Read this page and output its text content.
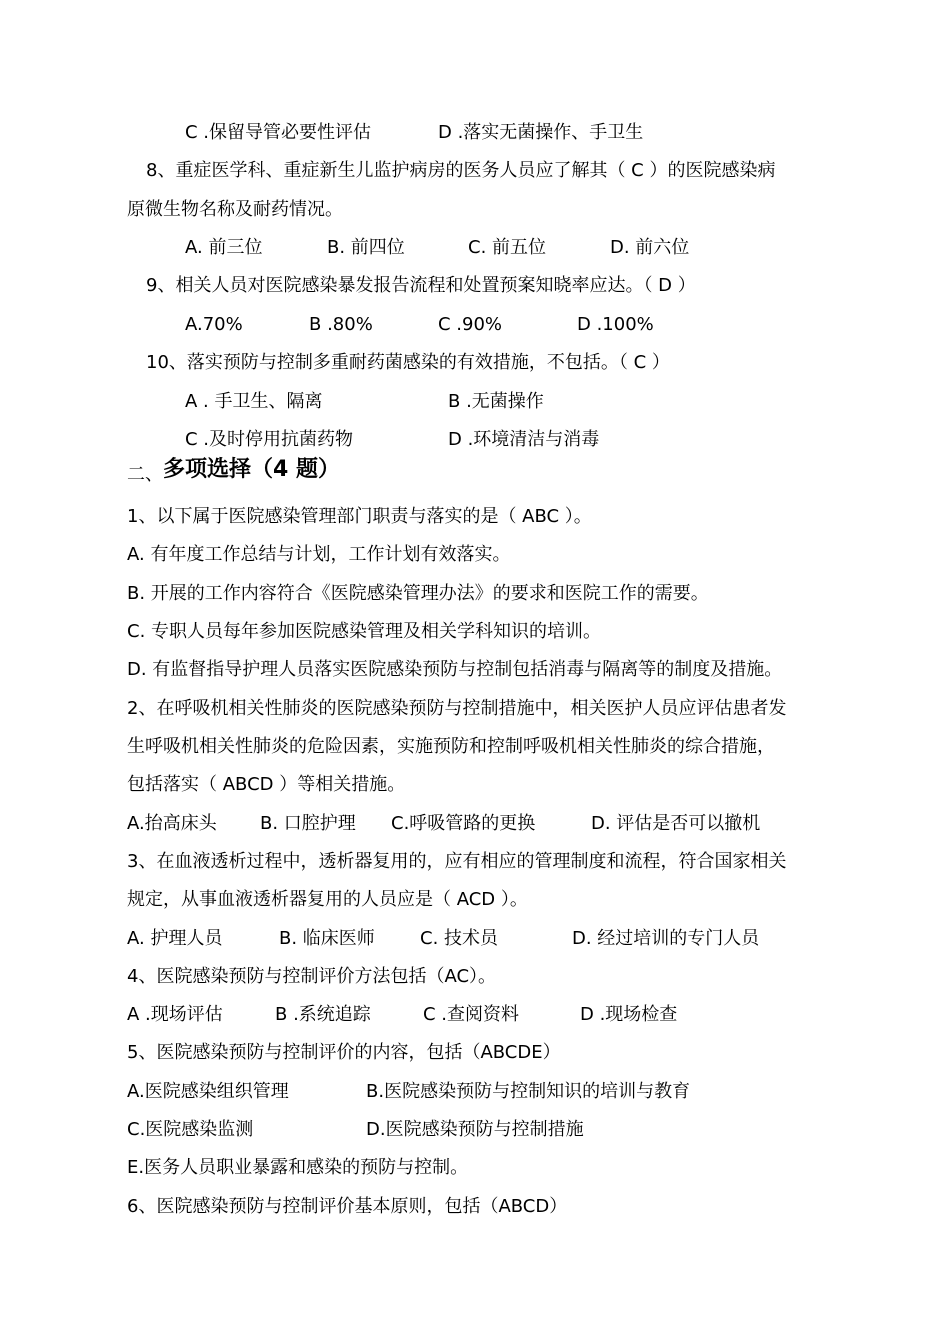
C .保留导管必要性评估	D .落实无菌操作、手卫生
8、重症医学科、重症新生儿监护病房的医务人员应了解其（ C ）的医院感染病
原微生物名称及耐药情况。
A. 前三位	B. 前四位	C. 前五位	D. 前六位
9、相关人员对医院感染暴发报告流程和处置预案知晓率应达。（ D ）
A.70%	B .80%	C .90%	D .100%
10、落实预防与控制多重耐药菌感染的有效措施，不包括。（ C ）
A . 手卫生、隔离	B .无菌操作
C .及时停用抗菌药物	D .环境清洁与消毒
二、多项选择（4 题）
1、以下属于医院感染管理部门职责与落实的是（ ABC ）。
A. 有年度工作总结与计划，工作计划有效落实。
B. 开展的工作内容符合《医院感染管理办法》的要求和医院工作的需要。
C. 专职人员每年参加医院感染管理及相关学科知识的培训。
D. 有监督指导护理人员落实医院感染预防与控制包括消毒与隔离等的制度及措施。
2、在呼吸机相关性肺炎的医院感染预防与控制措施中，相关医护人员应评估患者发
生呼吸机相关性肺炎的危险因素，实施预防和控制呼吸机相关性肺炎的综合措施，
包括落实（ ABCD ）等相关措施。
A.抬高床头 B. 口腔护理 C.呼吸管路的更换	D. 评估是否可以撤机
3、在血液透析过程中，透析器复用的，应有相应的管理制度和流程，符合国家相关
规定，从事血液透析器复用的人员应是（ ACD ）。
A. 护理人员	B. 临床医师	C. 技术员	D. 经过培训的专门人员
4、医院感染预防与控制评价方法包括（AC）。
A .现场评估	B .系统追踪	C .查阅资料	D .现场检查
5、医院感染预防与控制评价的内容，包括（ABCDE）
A.医院感染组织管理	B.医院感染预防与控制知识的培训与教育
C.医院感染监测	D.医院感染预防与控制措施
E.医务人员职业暴露和感染的预防与控制。
6、医院感染预防与控制评价基本原则，包括（ABCD）
